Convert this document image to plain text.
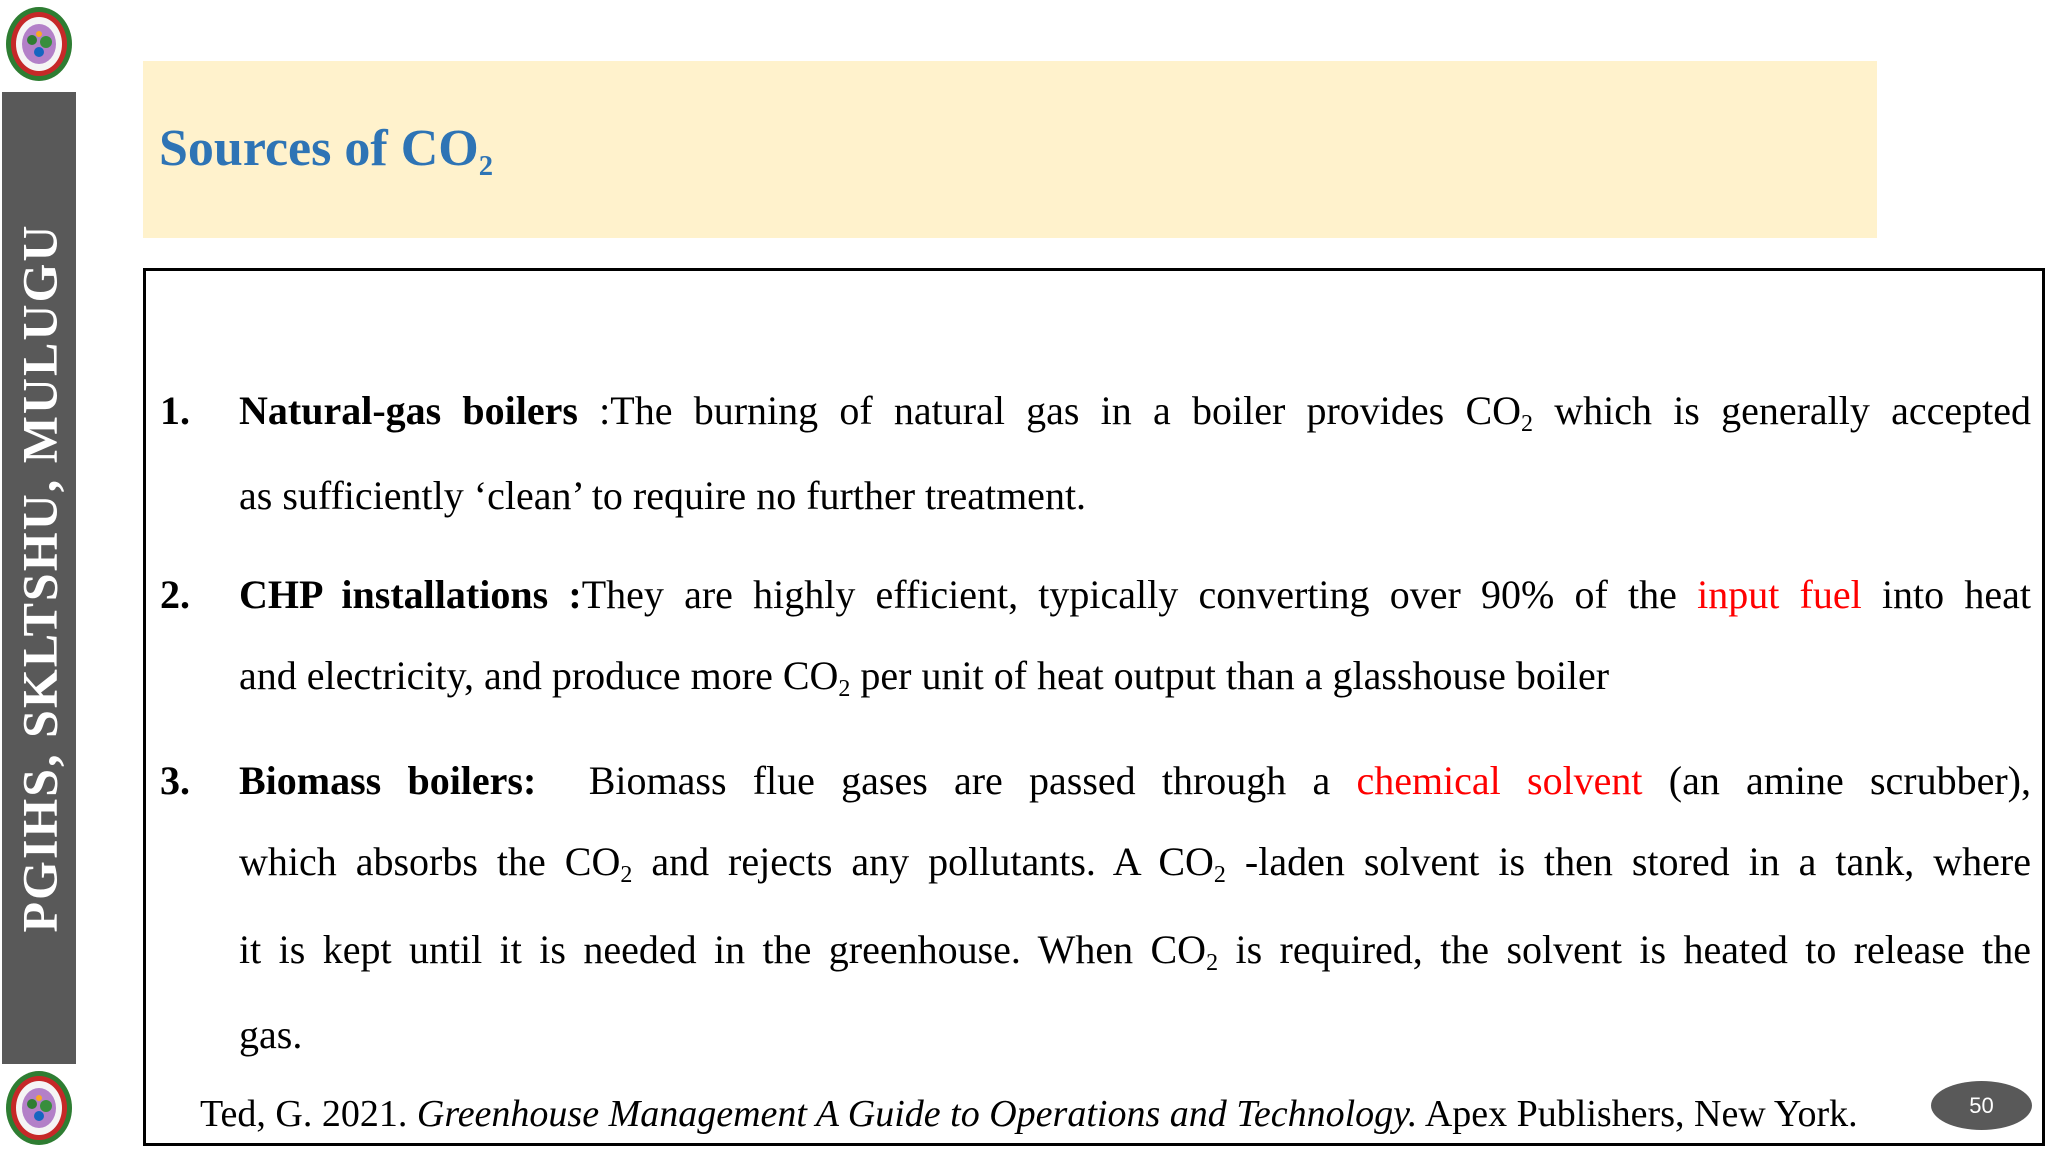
PGIHS, SKLTSHU, MULUGU
Sources of $CO_2$
1. Natural-gas boilers :The burning of natural gas in a boiler provides $CO_2$ which is generally accepted
as sufficiently ‘clean’ to require no further treatment.
2. CHP installations :They are highly efficient, typically converting over 90% of the input fuel into heat
and electricity, and produce more $CO_2$ per unit of heat output than a glasshouse boiler
3. Biomass boilers:  Biomass flue gases are passed through a chemical solvent (an amine scrubber),
which absorbs the $CO_2$ and rejects any pollutants. A $CO_2$ -laden solvent is then stored in a tank, where
it is kept until it is needed in the greenhouse. When $CO_2$ is required, the solvent is heated to release the
gas.
Ted, G. 2021. Greenhouse Management A Guide to Operations and Technology. Apex Publishers, New York.	50
